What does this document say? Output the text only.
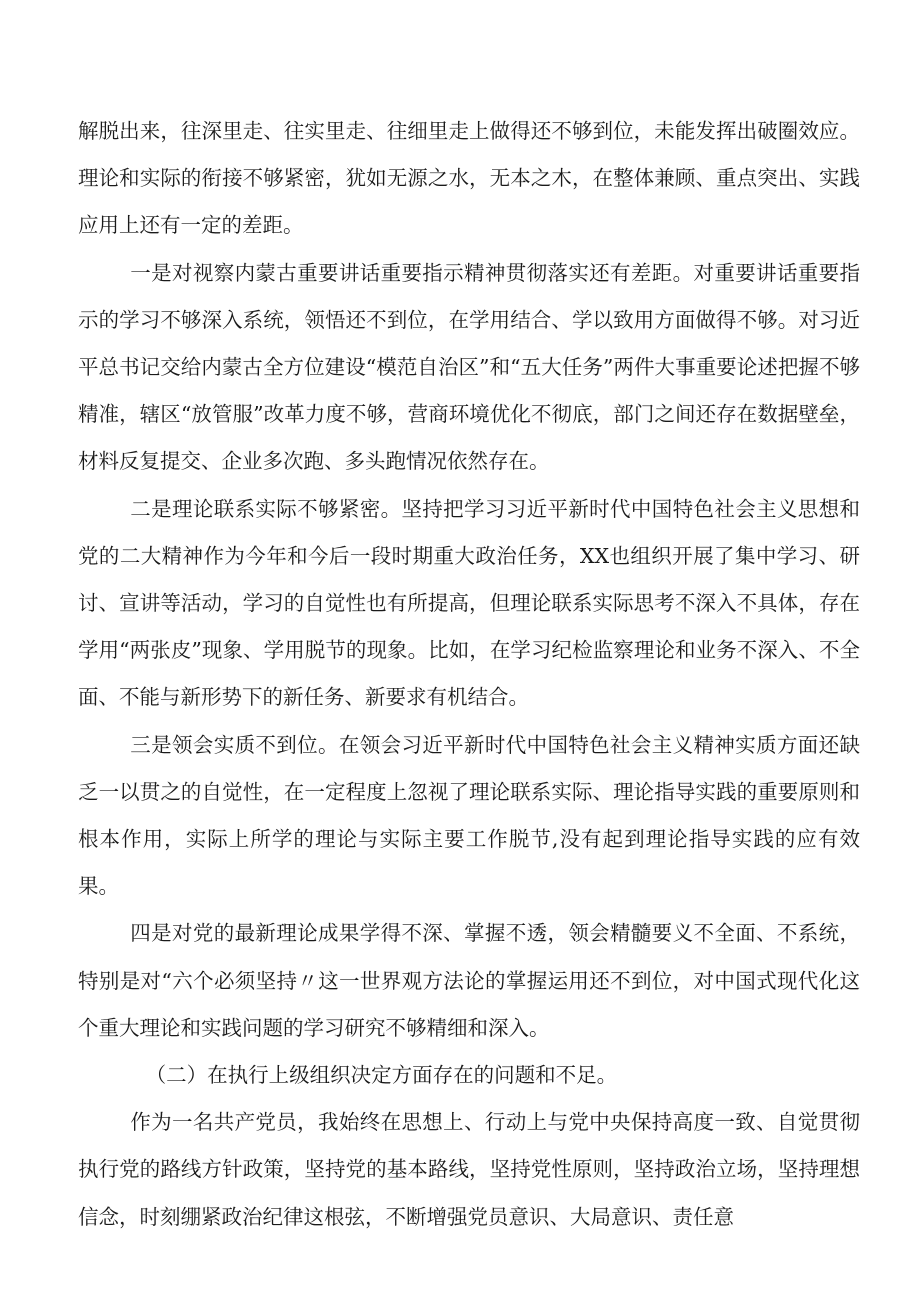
解脱出来，往深里走、往实里走、往细里走上做得还不够到位，未能发挥出破圈效应。理论和实际的衔接不够紧密，犹如无源之水，无本之木，在整体兼顾、重点突出、实践应用上还有一定的差距。

一是对视察内蒙古重要讲话重要指示精神贯彻落实还有差距。对重要讲话重要指示的学习不够深入系统，领悟还不到位，在学用结合、学以致用方面做得不够。对习近平总书记交给内蒙古全方位建设“模范自治区”和“五大任务”两件大事重要论述把握不够精准，辖区“放管服”改革力度不够，营商环境优化不彻底，部门之间还存在数据壁垒，材料反复提交、企业多次跑、多头跑情况依然存在。

二是理论联系实际不够紧密。坚持把学习习近平新时代中国特色社会主义思想和党的二大精神作为今年和今后一段时期重大政治任务，XX也组织开展了集中学习、研讨、宣讲等活动，学习的自觉性也有所提高，但理论联系实际思考不深入不具体，存在学用“两张皮”现象、学用脱节的现象。比如，在学习纪检监察理论和业务不深入、不全面、不能与新形势下的新任务、新要求有机结合。

三是领会实质不到位。在领会习近平新时代中国特色社会主义精神实质方面还缺乏一以贯之的自觉性，在一定程度上忽视了理论联系实际、理论指导实践的重要原则和根本作用，实际上所学的理论与实际主要工作脱节,没有起到理论指导实践的应有效果。

四是对党的最新理论成果学得不深、掌握不透，领会精髓要义不全面、不系统，特别是对“六个必须坚持〃这一世界观方法论的掌握运用还不到位，对中国式现代化这个重大理论和实践问题的学习研究不够精细和深入。

（二）在执行上级组织决定方面存在的问题和不足。

作为一名共产党员，我始终在思想上、行动上与党中央保持高度一致、自觉贯彻执行党的路线方针政策，坚持党的基本路线，坚持党性原则，坚持政治立场，坚持理想信念，时刻绷紧政治纪律这根弦，不断增强党员意识、大局意识、责任意
